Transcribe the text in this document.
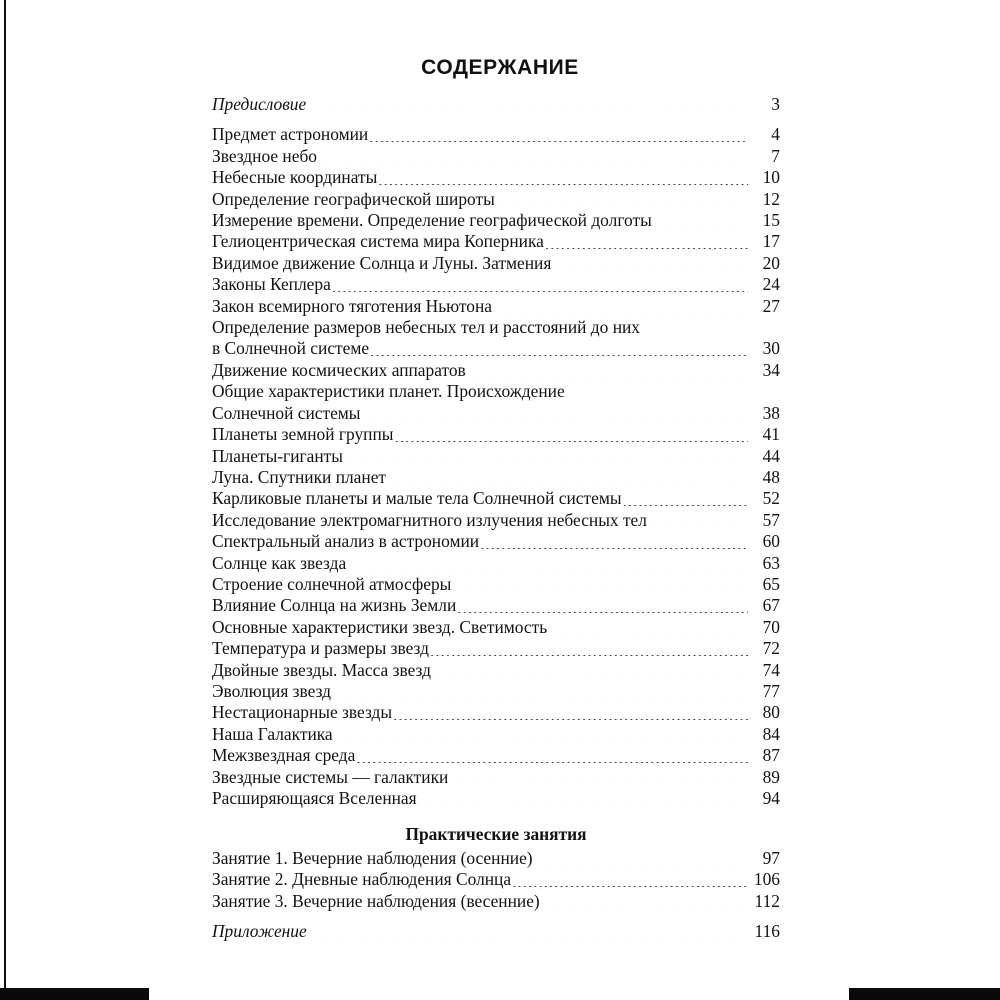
СОДЕРЖАНИЕ
Предисловие .....	3
Предмет астрономии .....	4
Звездное небо .....	7
Небесные координаты .....	10
Определение географической широты .....	12
Измерение времени. Определение географической долготы .....	15
Гелиоцентрическая система мира Коперника .....	17
Видимое движение Солнца и Луны. Затмения .....	20
Законы Кеплера .....	24
Закон всемирного тяготения Ньютона .....	27
Определение размеров небесных тел и расстояний до них
в Солнечной системе .....	30
Движение космических аппаратов .....	34
Общие характеристики планет. Происхождение
Солнечной системы .....	38
Планеты земной группы .....	41
Планеты-гиганты .....	44
Луна. Спутники планет .....	48
Карликовые планеты и малые тела Солнечной системы .....	52
Исследование электромагнитного излучения небесных тел .....	57
Спектральный анализ в астрономии .....	60
Солнце как звезда .....	63
Строение солнечной атмосферы .....	65
Влияние Солнца на жизнь Земли .....	67
Основные характеристики звезд. Светимость .....	70
Температура и размеры звезд .....	72
Двойные звезды. Масса звезд .....	74
Эволюция звезд .....	77
Нестационарные звезды .....	80
Наша Галактика .....	84
Межзвездная среда .....	87
Звездные системы — галактики .....	89
Расширяющаяся Вселенная .....	94
Практические занятия
Занятие 1. Вечерние наблюдения (осенние) .....	97
Занятие 2. Дневные наблюдения Солнца .....	106
Занятие 3. Вечерние наблюдения (весенние) .....	112
Приложение .....	116
